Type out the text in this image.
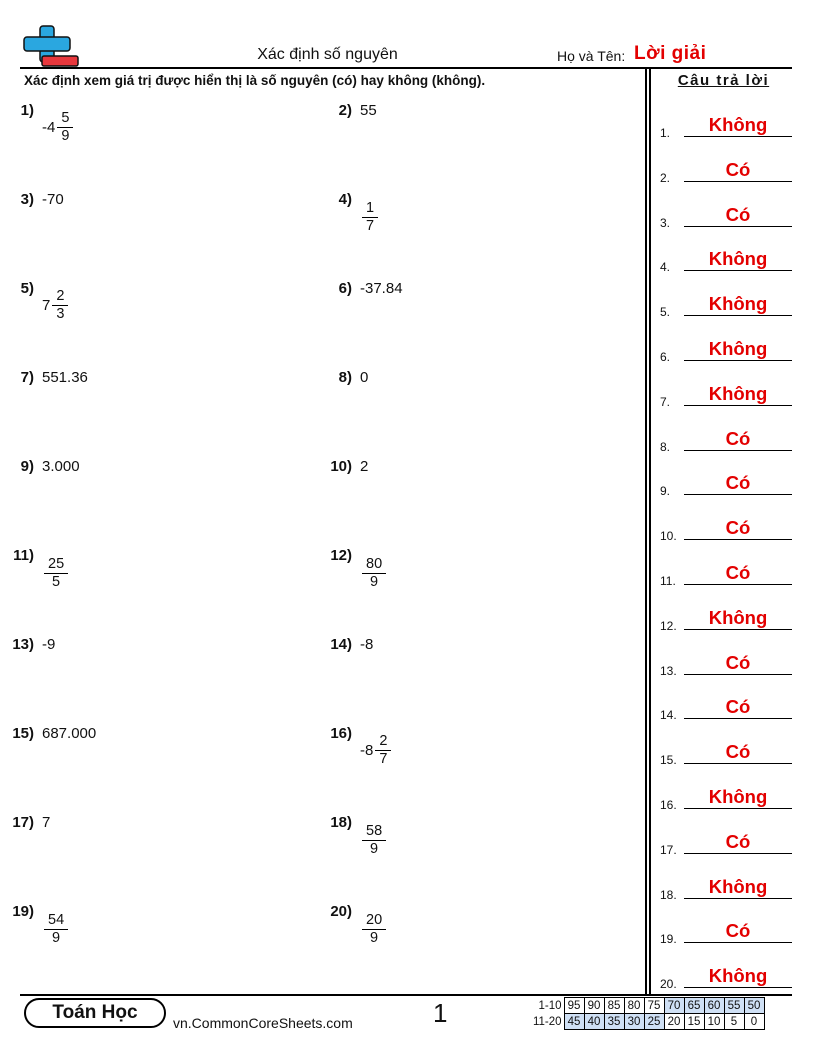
Xác định số nguyên	Họ và Tên: Lời giải
Xác định xem giá trị được hiển thị là số nguyên (có) hay không (không).	Câu trả lời
1)
$-4 \frac{5}{9}$	2) 55
3) -70	4)
$\frac{1}{7}$
5)
$7 \frac{2}{3}$	6) -37.84
7) 551.36	8) 0
9) 3.000	10) 2
11)
$\frac{25}{5}$
12)
$\frac{80}{9}$
13) -9	14) -8
15) 687.000	16)
$-8 \frac{2}{7}$
17) 7	18)
$\frac{58}{9}$
19)
$\frac{54}{9}$
20)
$\frac{20}{9}$
1.	Không
2.	Có
3.	Có
4.	Không
5.	Không
6.	Không
7.	Không
8.	Có
9.	Có
10.	Có
11.	Có
12.	Không
13.	Có
14.	Có
15.	Có
16.	Không
17.	Có
18.	Không
19.	Có
20.	Không
Toán Học	vn.CommonCoreSheets.com	1	1-10	95	90	85	80	75	70	65	60	55	50
11-20	45	40	35	30	25	20	15	10	5	0
